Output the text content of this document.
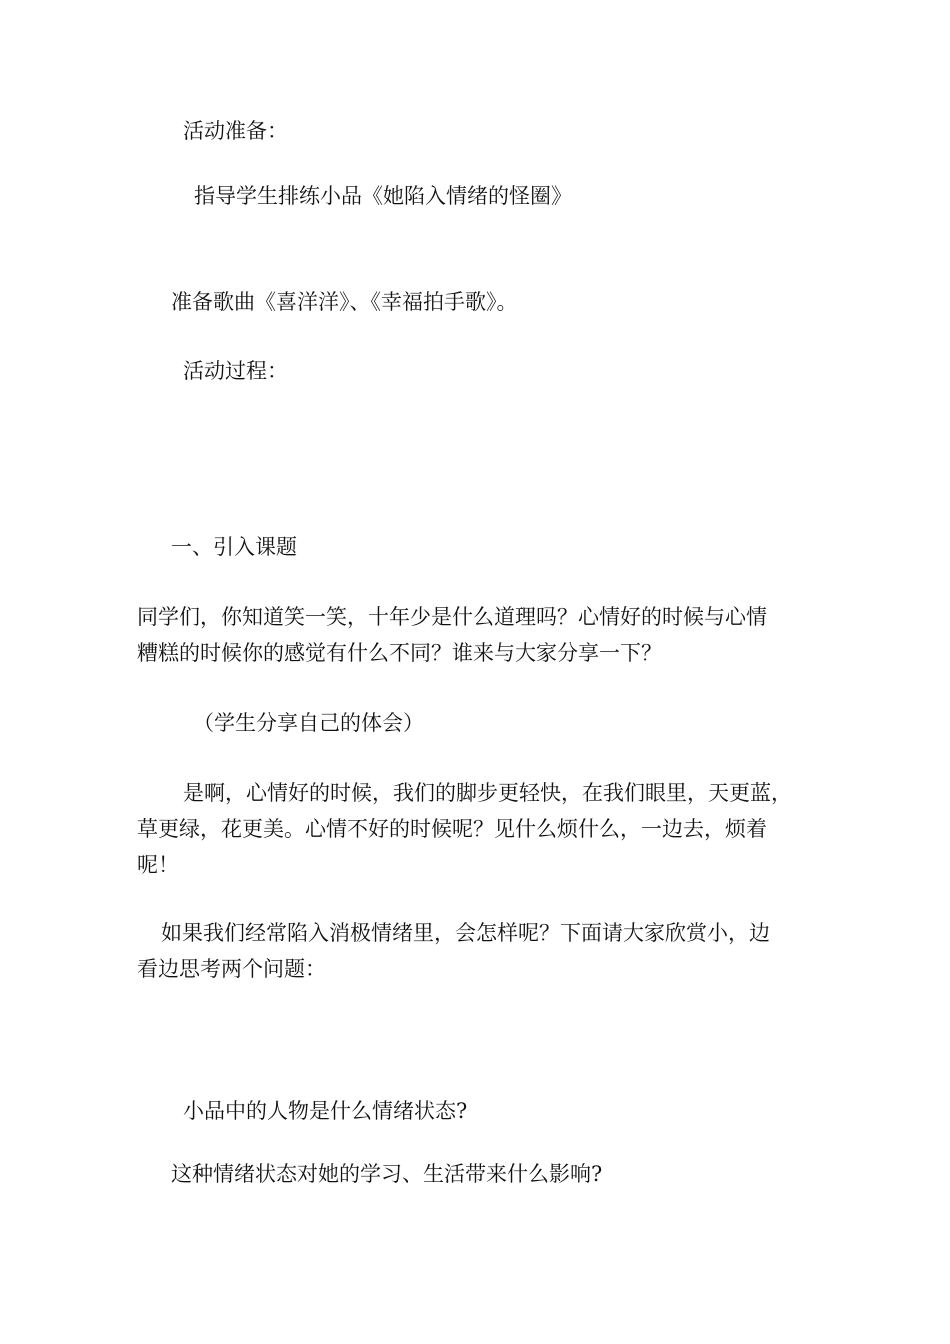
活动准备：

指导学生排练小品《她陷入情绪的怪圈》

准备歌曲《喜洋洋》、《幸福拍手歌》。

活动过程：

一、引入课题

同学们，你知道笑一笑，十年少是什么道理吗？心情好的时候与心情
糟糕的时候你的感觉有什么不同？谁来与大家分享一下？

（学生分享自己的体会）

是啊，心情好的时候，我们的脚步更轻快，在我们眼里，天更蓝，
草更绿，花更美。心情不好的时候呢？见什么烦什么，一边去，烦着
呢！
如果我们经常陷入消极情绪里，会怎样呢？下面请大家欣赏小，边
看边思考两个问题：

小品中的人物是什么情绪状态?

这种情绪状态对她的学习、生活带来什么影响?
